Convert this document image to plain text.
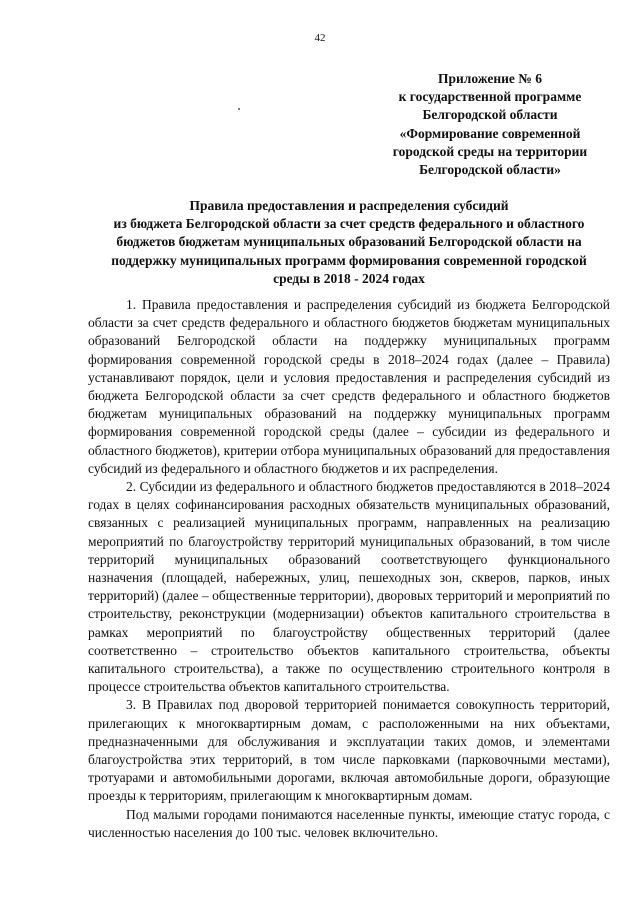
42
Приложение № 6
к государственной программе
Белгородской области
«Формирование современной
городской среды на территории
Белгородской области»
Правила предоставления и распределения субсидий
из бюджета Белгородской области за счет средств федерального и областного
бюджетов бюджетам муниципальных образований Белгородской области на
поддержку муниципальных программ формирования современной городской
среды в 2018 - 2024 годах

1. Правила предоставления и распределения субсидий из бюджета Белгородской области за счет средств федерального и областного бюджетов бюджетам муниципальных образований Белгородской области на поддержку муниципальных программ формирования современной городской среды в 2018–2024 годах (далее – Правила) устанавливают порядок, цели и условия предоставления и распределения субсидий из бюджета Белгородской области за счет средств федерального и областного бюджетов бюджетам муниципальных образований на поддержку муниципальных программ формирования современной городской среды (далее – субсидии из федерального и областного бюджетов), критерии отбора муниципальных образований для предоставления субсидий из федерального и областного бюджетов и их распределения.

2. Субсидии из федерального и областного бюджетов предоставляются в 2018–2024 годах в целях софинансирования расходных обязательств муниципальных образований, связанных с реализацией муниципальных программ, направленных на реализацию мероприятий по благоустройству территорий муниципальных образований, в том числе территорий муниципальных образований соответствующего функционального назначения (площадей, набережных, улиц, пешеходных зон, скверов, парков, иных территорий) (далее – общественные территории), дворовых территорий и мероприятий по строительству, реконструкции (модернизации) объектов капитального строительства в рамках мероприятий по благоустройству общественных территорий (далее соответственно – строительство объектов капитального строительства, объекты капитального строительства), а также по осуществлению строительного контроля в процессе строительства объектов капитального строительства.

3. В Правилах под дворовой территорией понимается совокупность территорий, прилегающих к многоквартирным домам, с расположенными на них объектами, предназначенными для обслуживания и эксплуатации таких домов, и элементами благоустройства этих территорий, в том числе парковками (парковочными местами), тротуарами и автомобильными дорогами, включая автомобильные дороги, образующие проезды к территориям, прилегающим к многоквартирным домам.

Под малыми городами понимаются населенные пункты, имеющие статус города, с численностью населения до 100 тыс. человек включительно.
